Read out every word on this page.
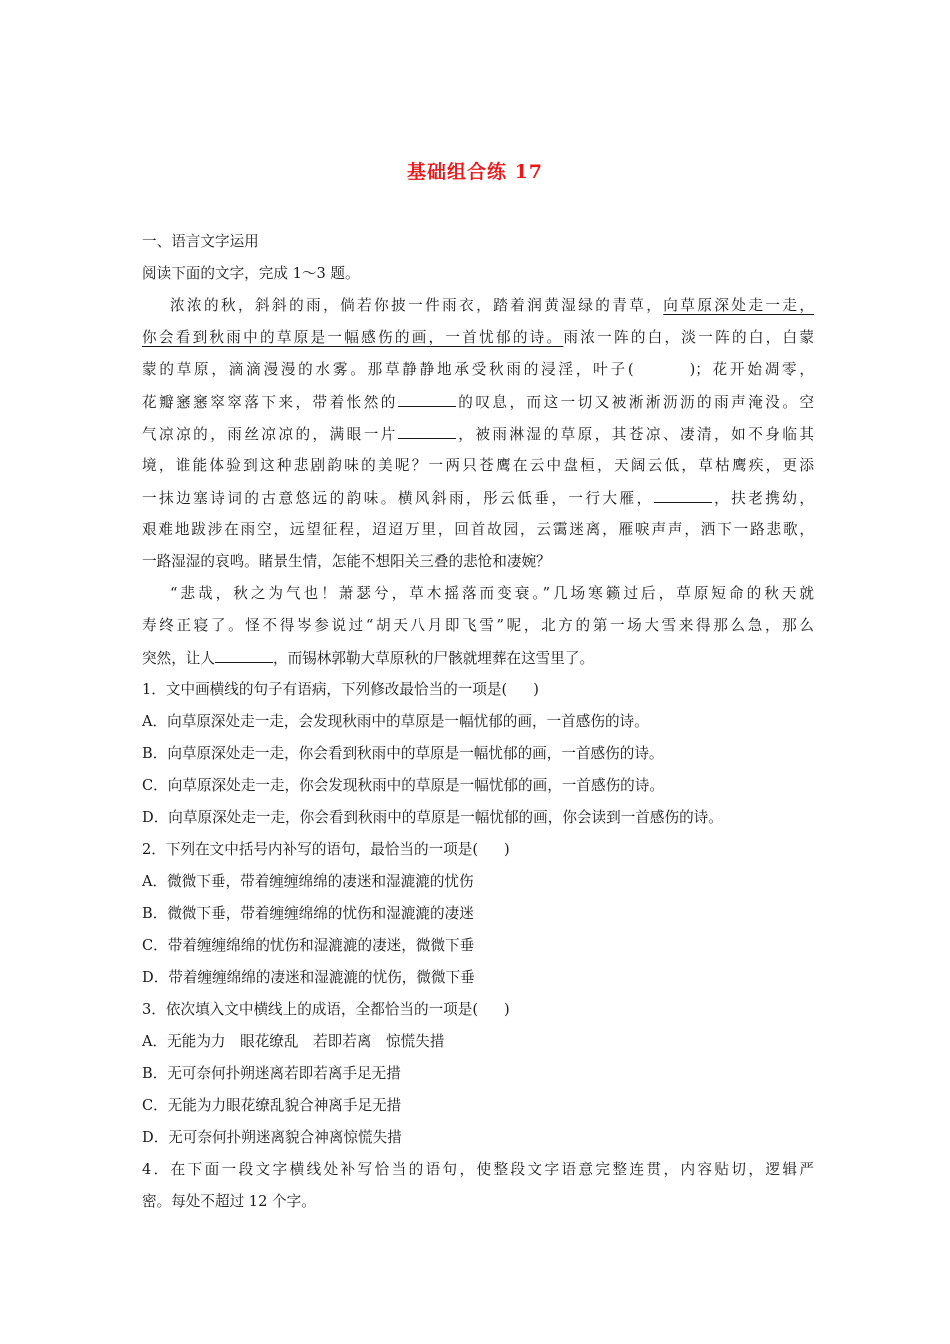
基础组合练 17
一、语言文字运用
阅读下面的文字，完成 1～3 题。
浓浓的秋，斜斜的雨，倘若你披一件雨衣，踏着润黄湿绿的青草，向草原深处走一走，
你会看到秋雨中的草原是一幅感伤的画，一首忧郁的诗。雨浓一阵的白，淡一阵的白，白蒙
蒙的草原，滴滴漫漫的水雾。那草静静地承受秋雨的浸淫，叶子(	)；花开始凋零，
花瓣窸窸窣窣落下来，带着怅然的	的叹息，而这一切又被淅淅沥沥的雨声淹没。空
气凉凉的，雨丝凉凉的，满眼一片	，被雨淋湿的草原，其苍凉、凄清，如不身临其
境，谁能体验到这种悲剧韵味的美呢？一两只苍鹰在云中盘桓，天阔云低，草枯鹰疾，更添
一抹边塞诗词的古意悠远的韵味。横风斜雨，彤云低垂，一行大雁，	，扶老携幼，
艰难地跋涉在雨空，远望征程，迢迢万里，回首故园，云霭迷离，雁唳声声，洒下一路悲歌，
一路湿湿的哀鸣。睹景生情，怎能不想阳关三叠的悲怆和凄婉？
“悲哉，秋之为气也！萧瑟兮，草木摇落而变衰。”几场寒籁过后，草原短命的秋天就
寿终正寝了。怪不得岑参说过“胡天八月即飞雪”呢，北方的第一场大雪来得那么急，那么
突然，让人	，而锡林郭勒大草原秋的尸骸就埋葬在这雪里了。
1．文中画横线的句子有语病，下列修改最恰当的一项是( )
A．向草原深处走一走，会发现秋雨中的草原是一幅忧郁的画，一首感伤的诗。
B．向草原深处走一走，你会看到秋雨中的草原是一幅忧郁的画，一首感伤的诗。
C．向草原深处走一走，你会发现秋雨中的草原是一幅忧郁的画，一首感伤的诗。
D．向草原深处走一走，你会看到秋雨中的草原是一幅忧郁的画，你会读到一首感伤的诗。
2．下列在文中括号内补写的语句，最恰当的一项是( )
A．微微下垂，带着缠缠绵绵的凄迷和湿漉漉的忧伤
B．微微下垂，带着缠缠绵绵的忧伤和湿漉漉的凄迷
C．带着缠缠绵绵的忧伤和湿漉漉的凄迷，微微下垂
D．带着缠缠绵绵的凄迷和湿漉漉的忧伤，微微下垂
3．依次填入文中横线上的成语，全都恰当的一项是( )
A．无能为力　眼花缭乱　若即若离　惊慌失措
B．无可奈何扑朔迷离若即若离手足无措
C．无能为力眼花缭乱貌合神离手足无措
D．无可奈何扑朔迷离貌合神离惊慌失措
4．在下面一段文字横线处补写恰当的语句，使整段文字语意完整连贯，内容贴切，逻辑严
密。每处不超过 12 个字。
